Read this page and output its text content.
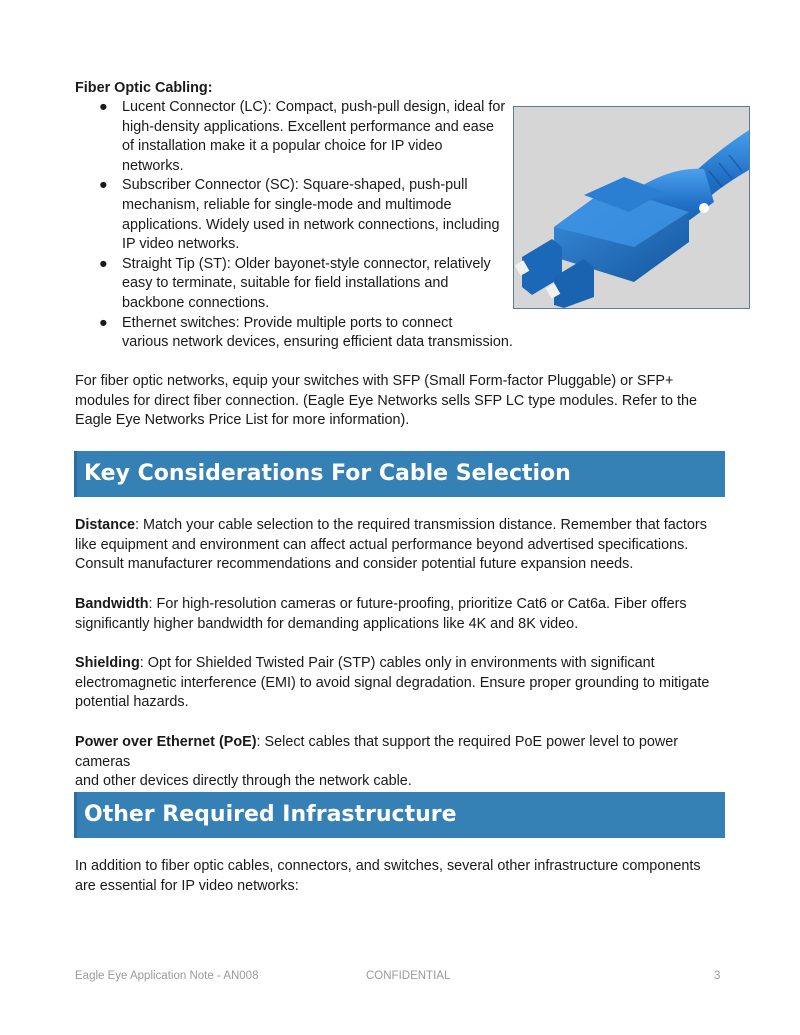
Fiber Optic Cabling:
● Lucent Connector (LC): Compact, push-pull design, ideal for
high-density applications. Excellent performance and ease
of installation make it a popular choice for IP video
networks.
● Subscriber Connector (SC): Square-shaped, push-pull
mechanism, reliable for single-mode and multimode
applications. Widely used in network connections, including
IP video networks.
● Straight Tip (ST): Older bayonet-style connector, relatively
easy to terminate, suitable for field installations and
backbone connections.
● Ethernet switches: Provide multiple ports to connect
various network devices, ensuring efficient data transmission.
For fiber optic networks, equip your switches with SFP (Small Form-factor Pluggable) or SFP+
modules for direct fiber connection. (Eagle Eye Networks sells SFP LC type modules. Refer to the
Eagle Eye Networks Price List for more information).
Key Considerations For Cable Selection
Distance: Match your cable selection to the required transmission distance. Remember that factors
like equipment and environment can affect actual performance beyond advertised specifications.
Consult manufacturer recommendations and consider potential future expansion needs.
Bandwidth: For high-resolution cameras or future-proofing, prioritize Cat6 or Cat6a. Fiber offers
significantly higher bandwidth for demanding applications like 4K and 8K video.
Shielding: Opt for Shielded Twisted Pair (STP) cables only in environments with significant
electromagnetic interference (EMI) to avoid signal degradation. Ensure proper grounding to mitigate
potential hazards.
Power over Ethernet (PoE): Select cables that support the required PoE power level to power cameras
and other devices directly through the network cable.
Other Required Infrastructure
In addition to fiber optic cables, connectors, and switches, several other infrastructure components
are essential for IP video networks:
Eagle Eye Application Note - AN008	CONFIDENTIAL	3
